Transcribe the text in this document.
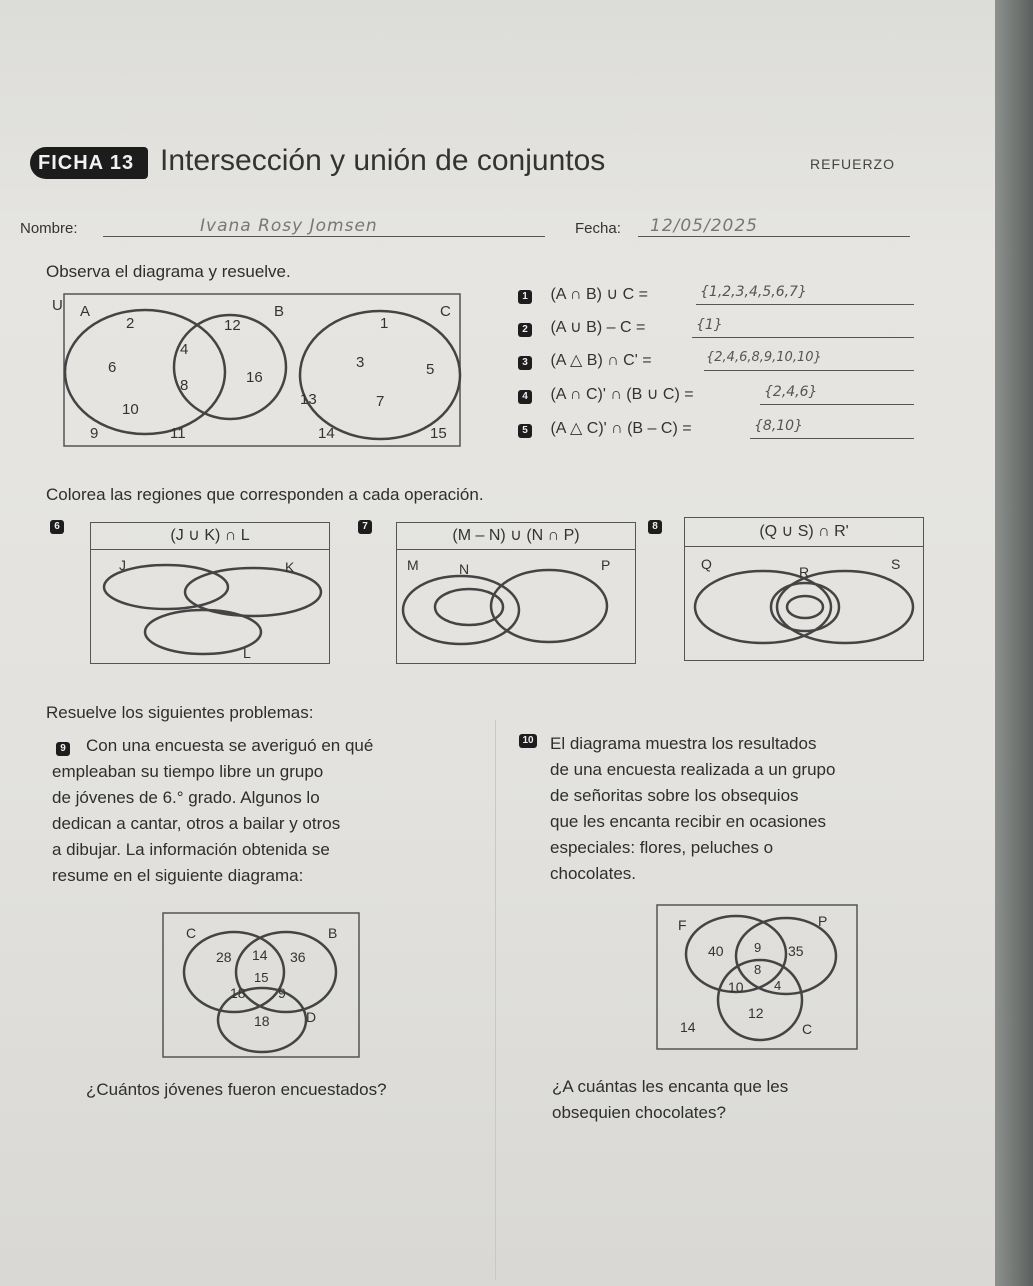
FICHA 13 Intersección y unión de conjuntos	REFUERZO
Nombre:	Ivana Rosy Jomsen	Fecha: 12/05/2025
Observa el diagrama y resuelve.
U A	B	C
2	12	1
4
6	3	5
8	16
10
13	7
9	11	14	15
1 (A ∩ B) ∪ C =	{1,2,3,4,5,6,7}
2 (A ∪ B) – C =	{1}
3 (A △ B) ∩ C' =	{2,4,6,8,9,10,10}
4 (A ∩ C)' ∩ (B ∪ C) =	{2,4,6}
5 (A △ C)' ∩ (B – C) =	{8,10}
Colorea las regiones que corresponden a cada operación.
6
(J ∪ K) ∩ L
J	K
L
7
(M – N) ∪ (N ∩ P)
M	N	P
8	(Q ∪ S) ∩ R'
Q	R	S
Resuelve los siguientes problemas:
9 Con una encuesta se averiguó en qué
empleaban su tiempo libre un grupo
de jóvenes de 6.° grado. Algunos lo
dedican a cantar, otros a bailar y otros
a dibujar. La información obtenida se
resume en el siguiente diagrama:
C	B
D
28 14 36
15
18 9
18
¿Cuántos jóvenes fueron encuestados?
10 El diagrama muestra los resultados
de una encuesta realizada a un grupo
de señoritas sobre los obsequios
que les encanta recibir en ocasiones
especiales: flores, peluches o
chocolates.
F	P
C
40 9 35
8
10 4
12
14
¿A cuántas les encanta que les
obsequien chocolates?
